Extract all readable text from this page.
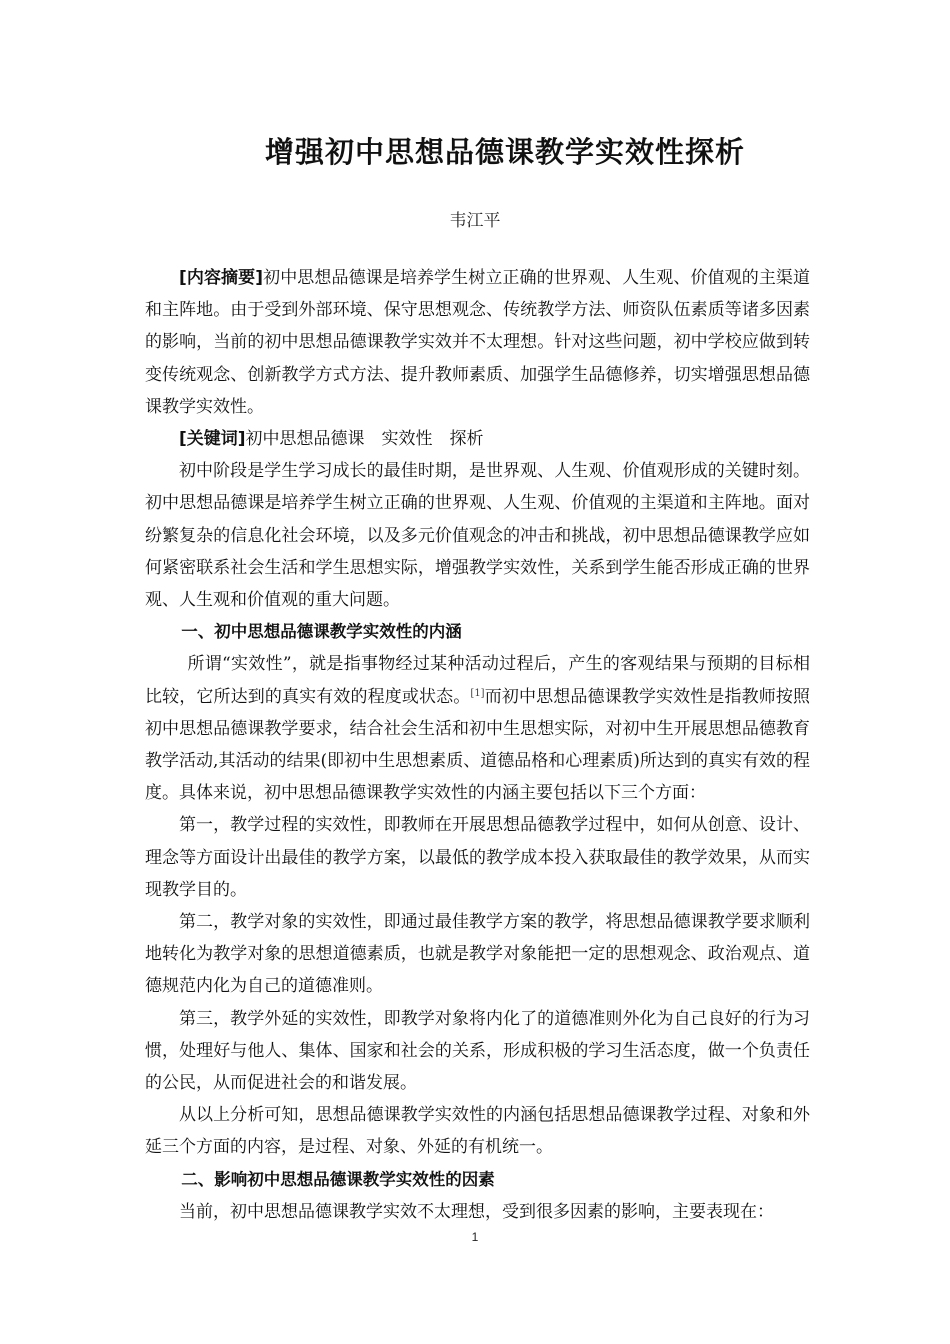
增强初中思想品德课教学实效性探析
韦江平

[内容摘要]初中思想品德课是培养学生树立正确的世界观、人生观、价值观的主渠道和主阵地。由于受到外部环境、保守思想观念、传统教学方法、师资队伍素质等诸多因素的影响，当前的初中思想品德课教学实效并不太理想。针对这些问题，初中学校应做到转变传统观念、创新教学方式方法、提升教师素质、加强学生品德修养，切实增强思想品德课教学实效性。

[关键词]初中思想品德课　实效性　探析

初中阶段是学生学习成长的最佳时期，是世界观、人生观、价值观形成的关键时刻。初中思想品德课是培养学生树立正确的世界观、人生观、价值观的主渠道和主阵地。面对纷繁复杂的信息化社会环境，以及多元价值观念的冲击和挑战，初中思想品德课教学应如何紧密联系社会生活和学生思想实际，增强教学实效性，关系到学生能否形成正确的世界观、人生观和价值观的重大问题。

一、初中思想品德课教学实效性的内涵

所谓“实效性”，就是指事物经过某种活动过程后，产生的客观结果与预期的目标相比较，它所达到的真实有效的程度或状态。[1]而初中思想品德课教学实效性是指教师按照初中思想品德课教学要求，结合社会生活和初中生思想实际，对初中生开展思想品德教育教学活动,其活动的结果(即初中生思想素质、道德品格和心理素质)所达到的真实有效的程度。具体来说，初中思想品德课教学实效性的内涵主要包括以下三个方面：

第一，教学过程的实效性，即教师在开展思想品德教学过程中，如何从创意、设计、理念等方面设计出最佳的教学方案，以最低的教学成本投入获取最佳的教学效果，从而实现教学目的。

第二，教学对象的实效性，即通过最佳教学方案的教学，将思想品德课教学要求顺利地转化为教学对象的思想道德素质，也就是教学对象能把一定的思想观念、政治观点、道德规范内化为自己的道德准则。

第三，教学外延的实效性，即教学对象将内化了的道德准则外化为自己良好的行为习惯，处理好与他人、集体、国家和社会的关系，形成积极的学习生活态度，做一个负责任的公民，从而促进社会的和谐发展。

从以上分析可知，思想品德课教学实效性的内涵包括思想品德课教学过程、对象和外延三个方面的内容，是过程、对象、外延的有机统一。

二、影响初中思想品德课教学实效性的因素

当前，初中思想品德课教学实效不太理想，受到很多因素的影响，主要表现在：

1
